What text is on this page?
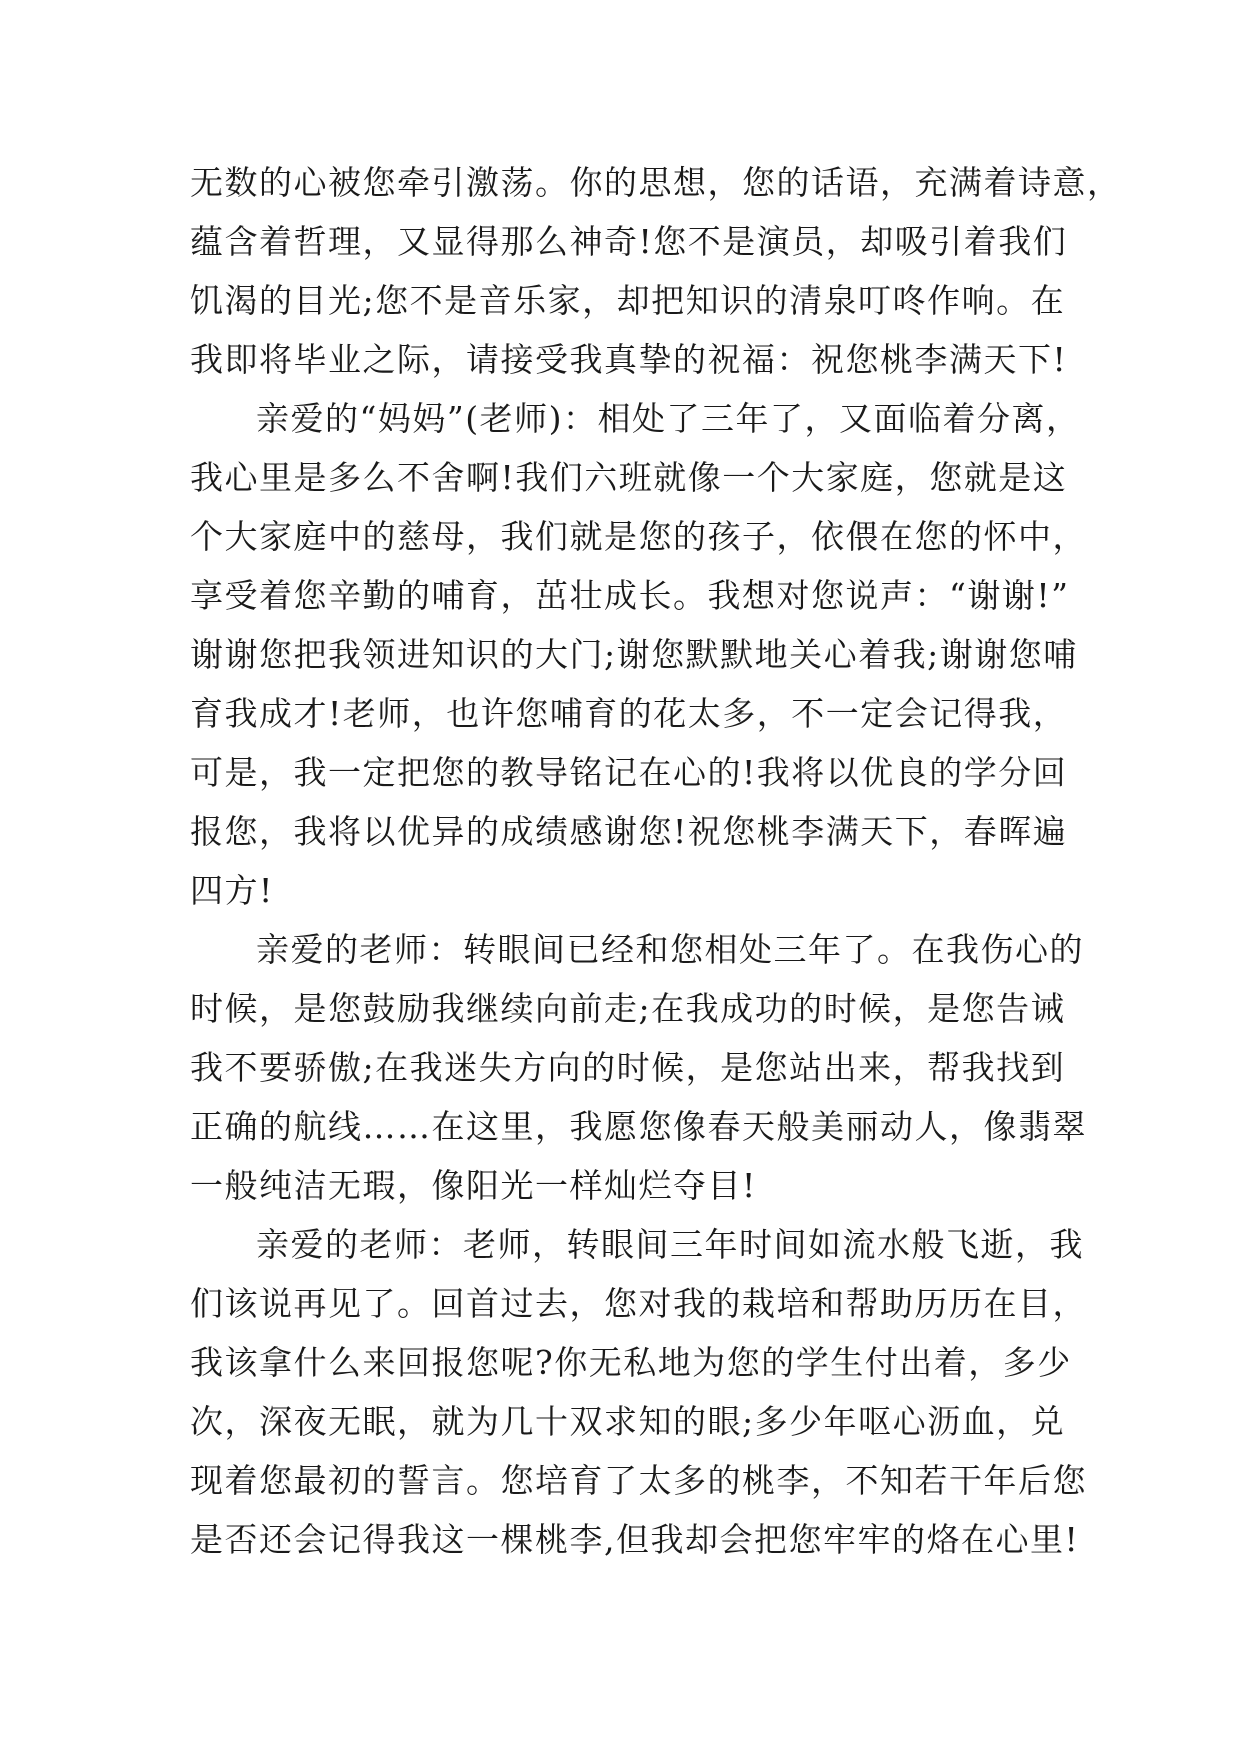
无数的心被您牵引激荡。你的思想，您的话语，充满着诗意，
蕴含着哲理，又显得那么神奇!您不是演员，却吸引着我们
饥渴的目光;您不是音乐家，却把知识的清泉叮咚作响。在
我即将毕业之际，请接受我真挚的祝福：祝您桃李满天下!
亲爱的“妈妈”(老师)：相处了三年了，又面临着分离，
我心里是多么不舍啊!我们六班就像一个大家庭，您就是这
个大家庭中的慈母，我们就是您的孩子，依偎在您的怀中，
享受着您辛勤的哺育，茁壮成长。我想对您说声：“谢谢!”
谢谢您把我领进知识的大门;谢您默默地关心着我;谢谢您哺
育我成才!老师，也许您哺育的花太多，不一定会记得我，
可是，我一定把您的教导铭记在心的!我将以优良的学分回
报您，我将以优异的成绩感谢您!祝您桃李满天下，春晖遍
四方!
亲爱的老师：转眼间已经和您相处三年了。在我伤心的
时候，是您鼓励我继续向前走;在我成功的时候，是您告诫
我不要骄傲;在我迷失方向的时候，是您站出来，帮我找到
正确的航线……在这里，我愿您像春天般美丽动人，像翡翠
一般纯洁无瑕，像阳光一样灿烂夺目!
亲爱的老师：老师，转眼间三年时间如流水般飞逝，我
们该说再见了。回首过去，您对我的栽培和帮助历历在目，
我该拿什么来回报您呢?你无私地为您的学生付出着，多少
次，深夜无眠，就为几十双求知的眼;多少年呕心沥血，兑
现着您最初的誓言。您培育了太多的桃李，不知若干年后您
是否还会记得我这一棵桃李,但我却会把您牢牢的烙在心里!
